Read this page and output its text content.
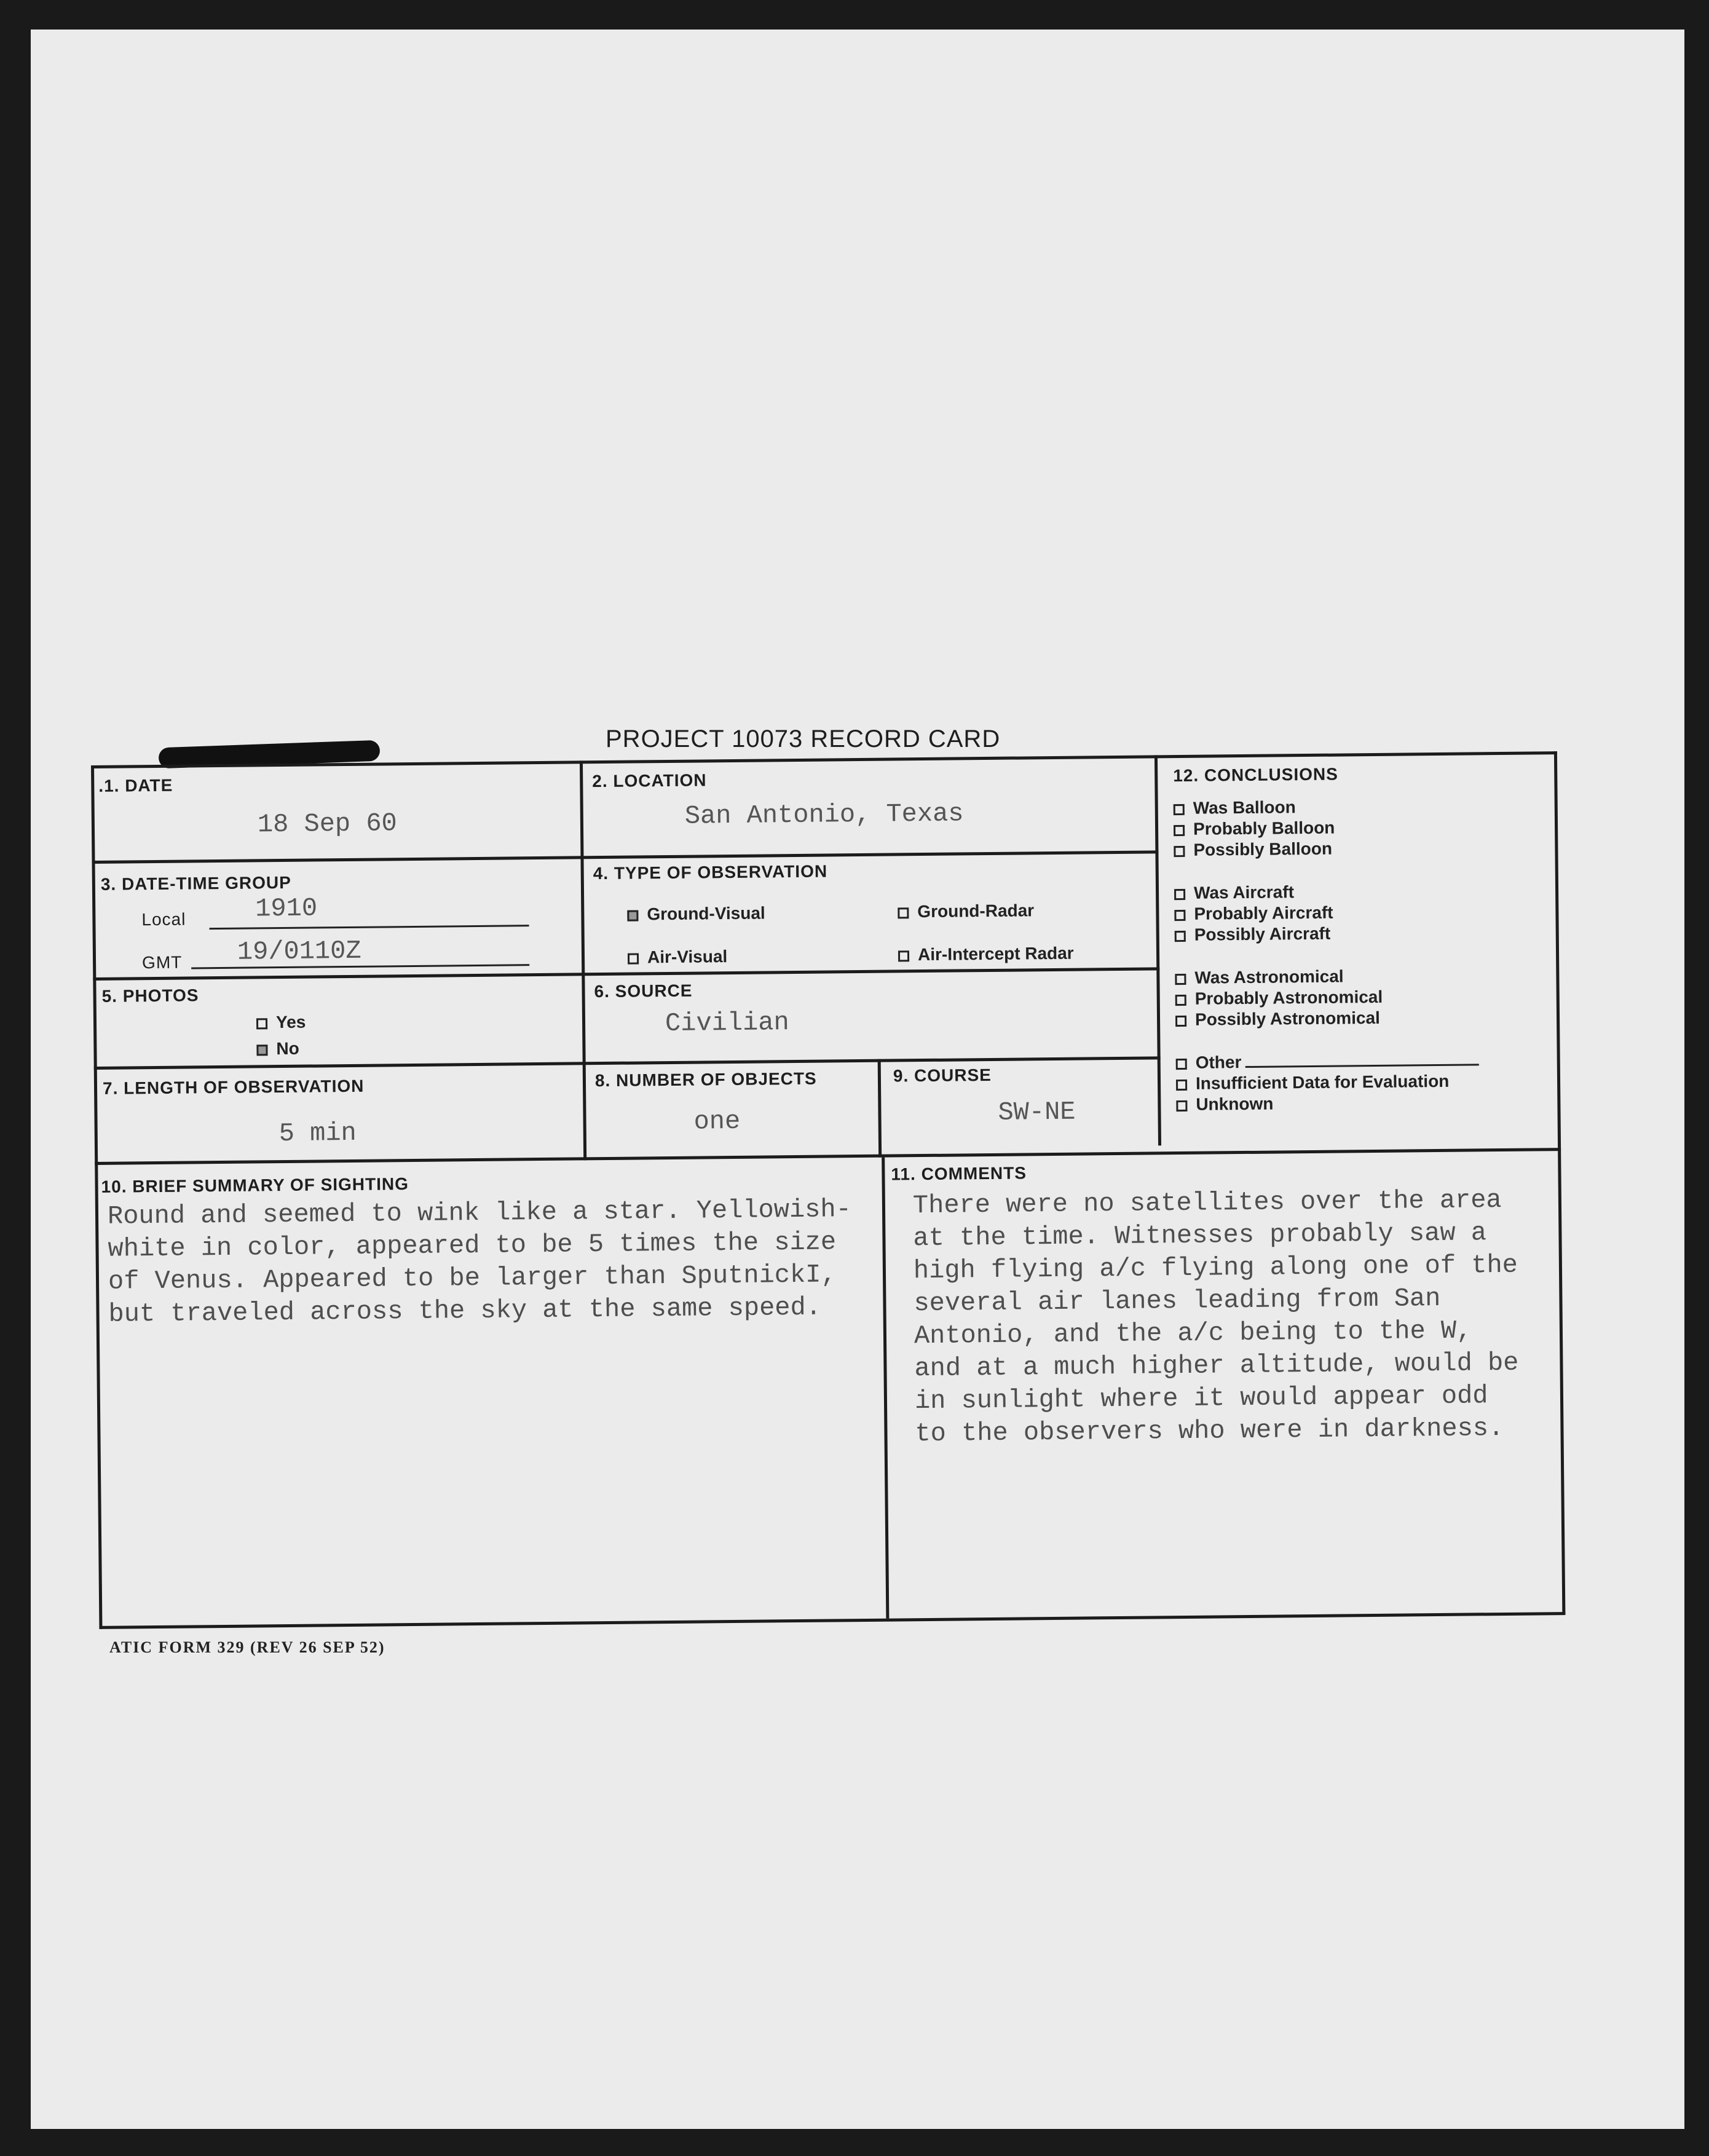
PROJECT 10073 RECORD CARD
.1. DATE
18 Sep 60
2. LOCATION
San Antonio, Texas
3. DATE-TIME GROUP
Local	1910
GMT 19/0110Z
4. TYPE OF OBSERVATION
Ground-Visual	Ground-Radar
Air-Visual	Air-Intercept Radar
5. PHOTOS
Yes
No
6. SOURCE
Civilian
7. LENGTH OF OBSERVATION
5 min
8. NUMBER OF OBJECTS
one
9. COURSE
SW-NE
10. BRIEF SUMMARY OF SIGHTING
Round and seemed to wink like a star. Yellowish-
white in color, appeared to be 5 times the size
of Venus. Appeared to be larger than SputnickI,
but traveled across the sky at the same speed.
11. COMMENTS
There were no satellites over the area
at the time. Witnesses probably saw a
high flying a/c flying along one of the
several air lanes leading from San
Antonio, and the a/c being to the W,
and at a much higher altitude, would be
in sunlight where it would appear odd
to the observers who were in darkness.
12. CONCLUSIONS
Was Balloon
Probably Balloon
Possibly Balloon
Was Aircraft
Probably Aircraft
Possibly Aircraft
Was Astronomical
Probably Astronomical
Possibly Astronomical
Other
Insufficient Data for Evaluation
Unknown
ATIC FORM 329 (REV 26 SEP 52)
